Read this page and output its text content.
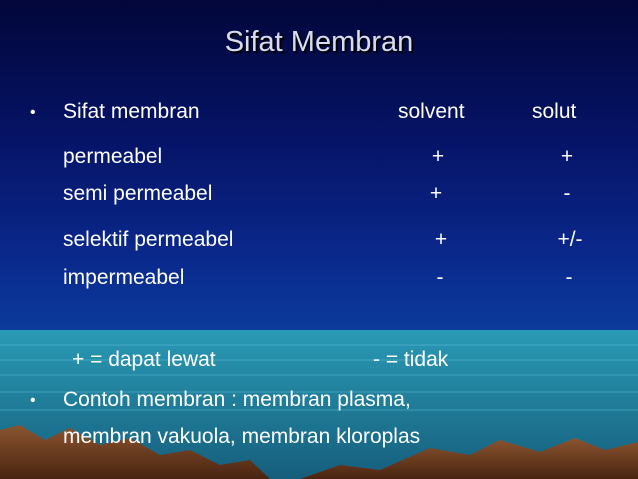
Sifat Membran
• Sifat membran	solvent	solut
permeabel	+	+
semi permeabel	+	-
selektif permeabel	+	+/-
impermeabel	-	-
+ = dapat lewat	- = tidak
• Contoh membran : membran plasma,
membran vakuola, membran kloroplas
